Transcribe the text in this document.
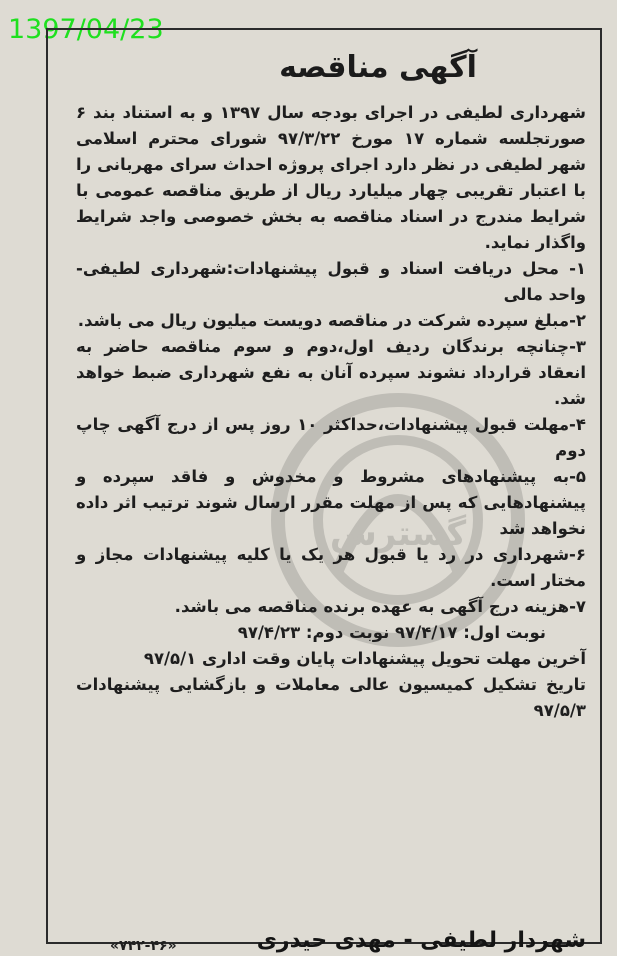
1397/04/23
گسترش
آگهی مناقصه

شهرداری لطیفی در اجرای بودجه سال ۱۳۹۷ و به استناد بند ۶ صورتجلسه شماره ۱۷ مورخ ۹۷/۳/۲۲ شورای محترم اسلامی شهر لطیفی در نظر دارد اجرای پروژه احداث سرای مهربانی را با اعتبار تقریبی چهار میلیارد ریال از طریق مناقصه عمومی با شرایط مندرج در اسناد مناقصه به بخش خصوصی واجد شرایط واگذار نماید.

۱- محل دریافت اسناد و قبول پیشنهادات:شهرداری لطیفی- واحد مالی

۲-مبلغ سپرده شرکت در مناقصه دویست میلیون ریال می باشد.

۳-چنانچه برندگان ردیف اول،دوم و سوم مناقصه حاضر به انعقاد قرارداد نشوند سپرده آنان به نفع شهرداری ضبط خواهد شد.

۴-مهلت قبول پیشنهادات،حداکثر ۱۰ روز پس از درج آگهی چاپ دوم

۵-به پیشنهادهای مشروط و مخدوش و فاقد سپرده و پیشنهادهایی که پس از مهلت مقرر ارسال شوند ترتیب اثر داده نخواهد شد

۶-شهرداری در رد یا قبول هر یک یا کلیه پیشنهادات مجاز و مختار است.

۷-هزینه درج آگهی به عهده برنده مناقصه می باشد.

نوبت اول: ۹۷/۴/۱۷ نوبت دوم: ۹۷/۴/۲۳

آخرین مهلت تحویل پیشنهادات پایان وقت اداری ۹۷/۵/۱

تاریخ تشکیل کمیسیون عالی معاملات و بازگشایی پیشنهادات ۹۷/۵/۳

شهردار لطیفی - مهدی حیدری
«۷۴۲-۴۶»
